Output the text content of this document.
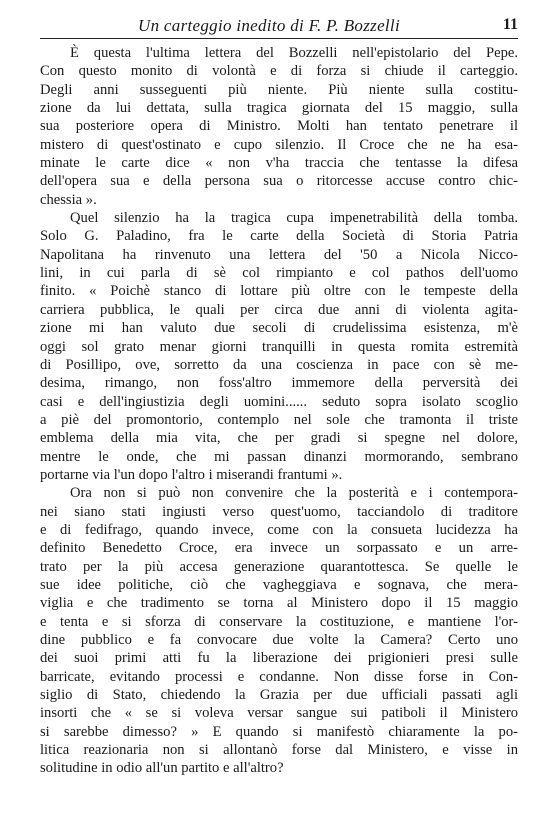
Un carteggio inedito di F. P. Bozzelli	11
È questa l'ultima lettera del Bozzelli nell'epistolario del Pepe.
Con questo monito di volontà e di forza si chiude il carteggio.
Degli anni susseguenti più niente. Più niente sulla costitu-
zione da lui dettata, sulla tragica giornata del 15 maggio, sulla
sua posteriore opera di Ministro. Molti han tentato penetrare il
mistero di quest'ostinato e cupo silenzio. Il Croce che ne ha esa-
minate le carte dice « non v'ha traccia che tentasse la difesa
dell'opera sua e della persona sua o ritorcesse accuse contro chic-
chessia ».
Quel silenzio ha la tragica cupa impenetrabilità della tomba.
Solo G. Paladino, fra le carte della Società di Storia Patria
Napolitana ha rinvenuto una lettera del '50 a Nicola Nicco-
lini, in cui parla di sè col rimpianto e col pathos dell'uomo
finito. « Poichè stanco di lottare più oltre con le tempeste della
carriera pubblica, le quali per circa due anni di violenta agita-
zione mi han valuto due secoli di crudelissima esistenza, m'è
oggi sol grato menar giorni tranquilli in questa romita estremità
di Posillipo, ove, sorretto da una coscienza in pace con sè me-
desima, rimango, non foss'altro immemore della perversità dei
casi e dell'ingiustizia degli uomini...... seduto sopra isolato scoglio
a piè del promontorio, contemplo nel sole che tramonta il triste
emblema della mia vita, che per gradi si spegne nel dolore,
mentre le onde, che mi passan dinanzi mormorando, sembrano
portarne via l'un dopo l'altro i miserandi frantumi ».
Ora non si può non convenire che la posterità e i contempora-
nei siano stati ingiusti verso quest'uomo, tacciandolo di traditore
e di fedifrago, quando invece, come con la consueta lucidezza ha
definito Benedetto Croce, era invece un sorpassato e un arre-
trato per la più accesa generazione quarantottesca. Se quelle le
sue idee politiche, ciò che vagheggiava e sognava, che mera-
viglia e che tradimento se torna al Ministero dopo il 15 maggio
e tenta e si sforza di conservare la costituzione, e mantiene l'or-
dine pubblico e fa convocare due volte la Camera? Certo uno
dei suoi primi atti fu la liberazione dei prigionieri presi sulle
barricate, evitando processi e condanne. Non disse forse in Con-
siglio di Stato, chiedendo la Grazia per due ufficiali passati agli
insorti che « se si voleva versar sangue sui patiboli il Ministero
si sarebbe dimesso? » E quando si manifestò chiaramente la po-
litica reazionaria non si allontanò forse dal Ministero, e visse in
solitudine in odio all'un partito e all'altro?
